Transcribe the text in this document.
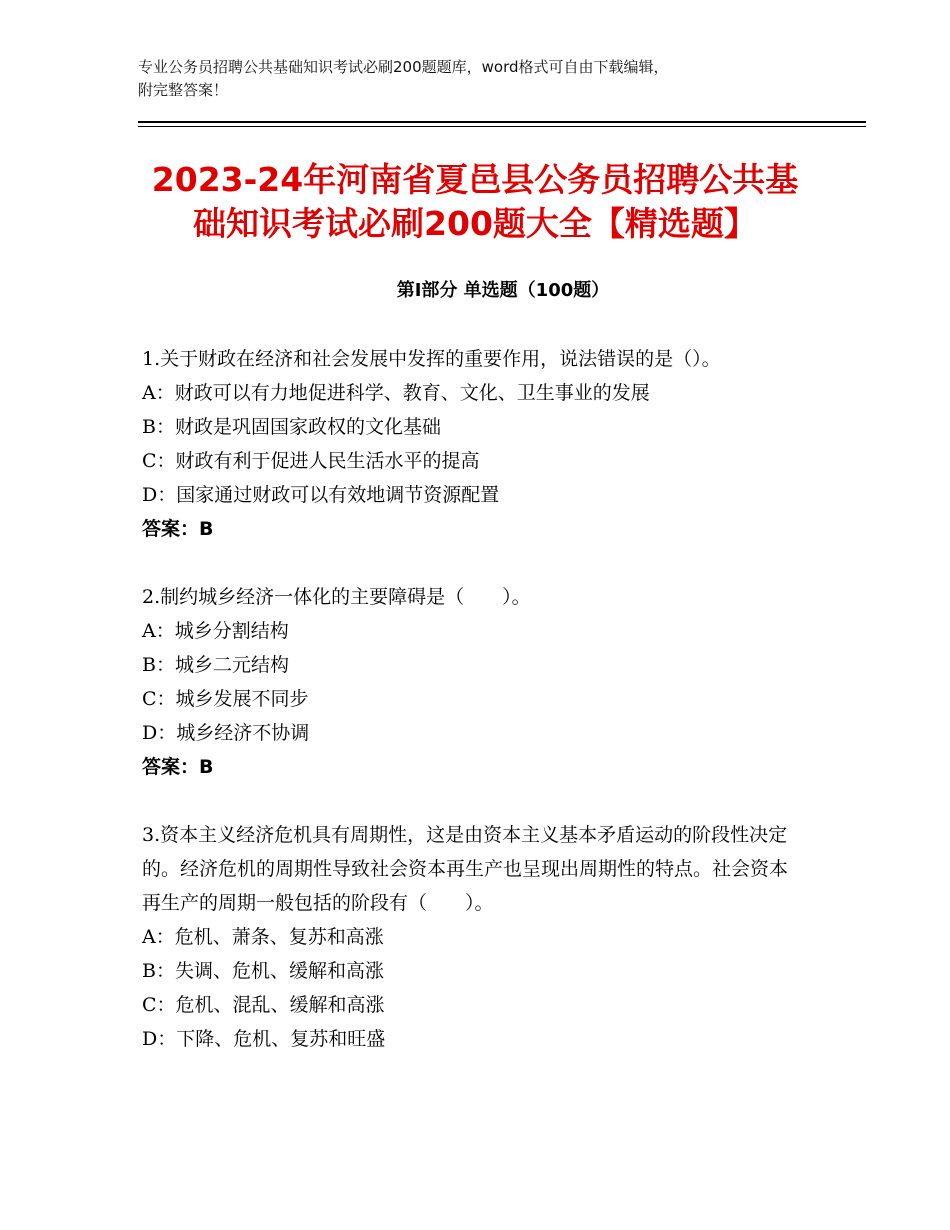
专业公务员招聘公共基础知识考试必刷200题题库，word格式可自由下载编辑，
附完整答案！
2023-24年河南省夏邑县公务员招聘公共基
础知识考试必刷200题大全【精选题】
第Ⅰ部分 单选题（100题）

1.关于财政在经济和社会发展中发挥的重要作用，说法错误的是（）。

A：财政可以有力地促进科学、教育、文化、卫生事业的发展

B：财政是巩固国家政权的文化基础

C：财政有利于促进人民生活水平的提高

D：国家通过财政可以有效地调节资源配置

答案：B

2.制约城乡经济一体化的主要障碍是（　　）。

A：城乡分割结构

B：城乡二元结构

C：城乡发展不同步

D：城乡经济不协调

答案：B

3.资本主义经济危机具有周期性，这是由资本主义基本矛盾运动的阶段性决定的。经济危机的周期性导致社会资本再生产也呈现出周期性的特点。社会资本再生产的周期一般包括的阶段有（　　）。

A：危机、萧条、复苏和高涨

B：失调、危机、缓解和高涨

C：危机、混乱、缓解和高涨

D：下降、危机、复苏和旺盛
